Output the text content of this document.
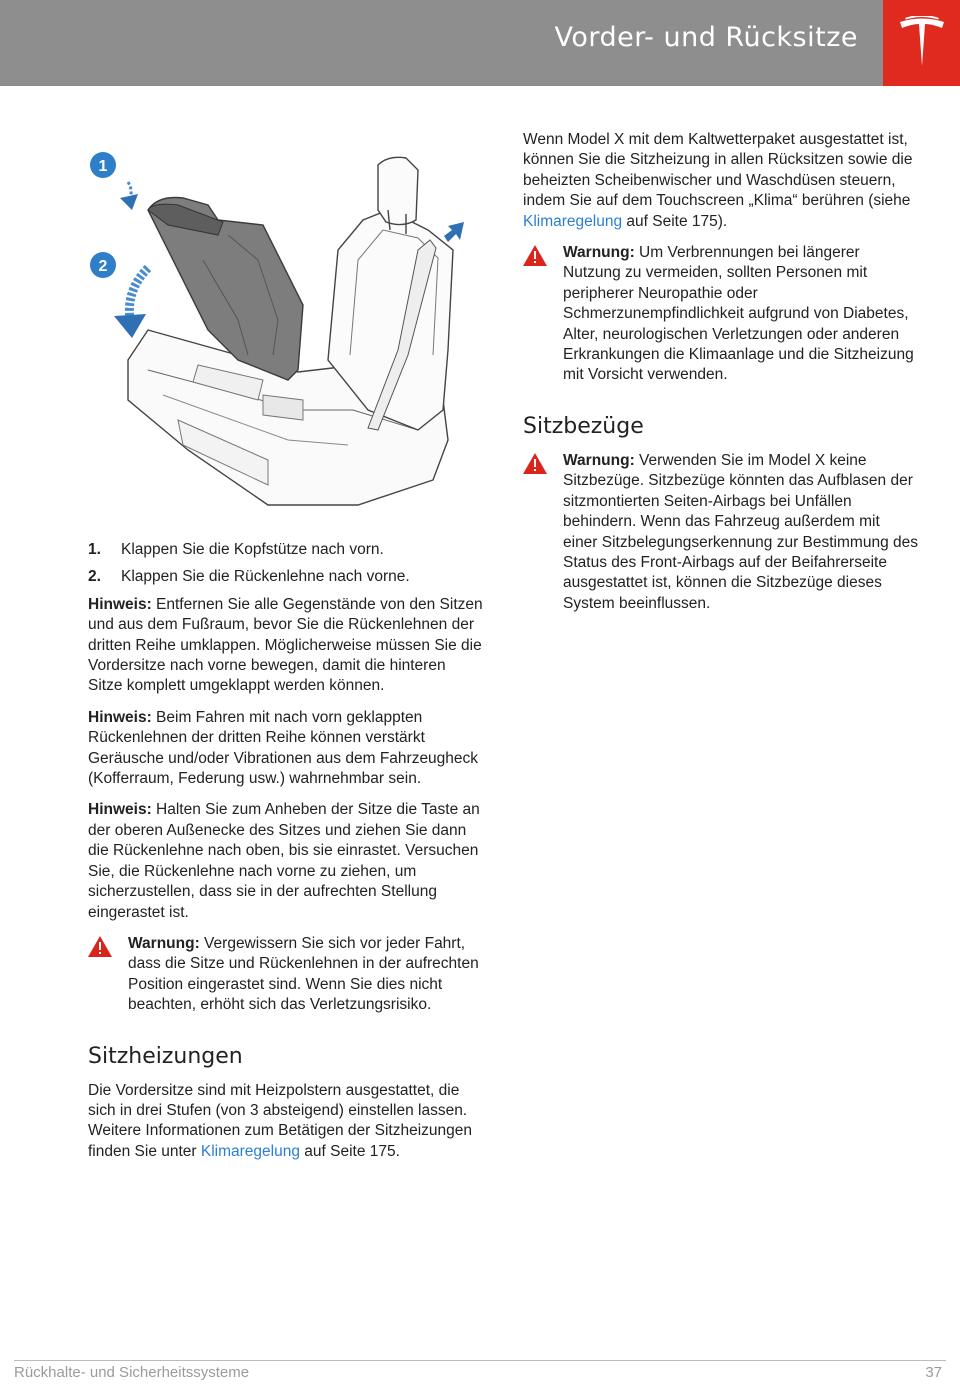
Vorder- und Rücksitze
1
2
1. Klappen Sie die Kopfstütze nach vorn.
2. Klappen Sie die Rückenlehne nach vorne.

Hinweis: Entfernen Sie alle Gegenstände von den Sitzen und aus dem Fußraum, bevor Sie die Rückenlehnen der dritten Reihe umklappen. Möglicherweise müssen Sie die Vordersitze nach vorne bewegen, damit die hinteren Sitze komplett umgeklappt werden können.

Hinweis: Beim Fahren mit nach vorn geklappten Rückenlehnen der dritten Reihe können verstärkt Geräusche und/oder Vibrationen aus dem Fahrzeugheck (Kofferraum, Federung usw.) wahrnehmbar sein.

Hinweis: Halten Sie zum Anheben der Sitze die Taste an der oberen Außenecke des Sitzes und ziehen Sie dann die Rückenlehne nach oben, bis sie einrastet. Versuchen Sie, die Rückenlehne nach vorne zu ziehen, um sicherzustellen, dass sie in der aufrechten Stellung eingerastet ist.

Warnung: Vergewissern Sie sich vor jeder Fahrt, dass die Sitze und Rückenlehnen in der aufrechten Position eingerastet sind. Wenn Sie dies nicht beachten, erhöht sich das Verletzungsrisiko.

Sitzheizungen

Die Vordersitze sind mit Heizpolstern ausgestattet, die sich in drei Stufen (von 3 absteigend) einstellen lassen. Weitere Informationen zum Betätigen der Sitzheizungen finden Sie unter Klimaregelung auf Seite 175.

Wenn Model X mit dem Kaltwetterpaket ausgestattet ist, können Sie die Sitzheizung in allen Rücksitzen sowie die beheizten Scheibenwischer und Waschdüsen steuern, indem Sie auf dem Touchscreen „Klima“ berühren (siehe Klimaregelung auf Seite 175).

Warnung: Um Verbrennungen bei längerer Nutzung zu vermeiden, sollten Personen mit peripherer Neuropathie oder Schmerzunempfindlichkeit aufgrund von Diabetes, Alter, neurologischen Verletzungen oder anderen Erkrankungen die Klimaanlage und die Sitzheizung mit Vorsicht verwenden.

Sitzbezüge

Warnung: Verwenden Sie im Model X keine Sitzbezüge. Sitzbezüge könnten das Aufblasen der sitzmontierten Seiten-Airbags bei Unfällen behindern. Wenn das Fahrzeug außerdem mit einer Sitzbelegungserkennung zur Bestimmung des Status des Front-Airbags auf der Beifahrerseite ausgestattet ist, können die Sitzbezüge dieses System beeinflussen.

Rückhalte- und Sicherheitssysteme	37
